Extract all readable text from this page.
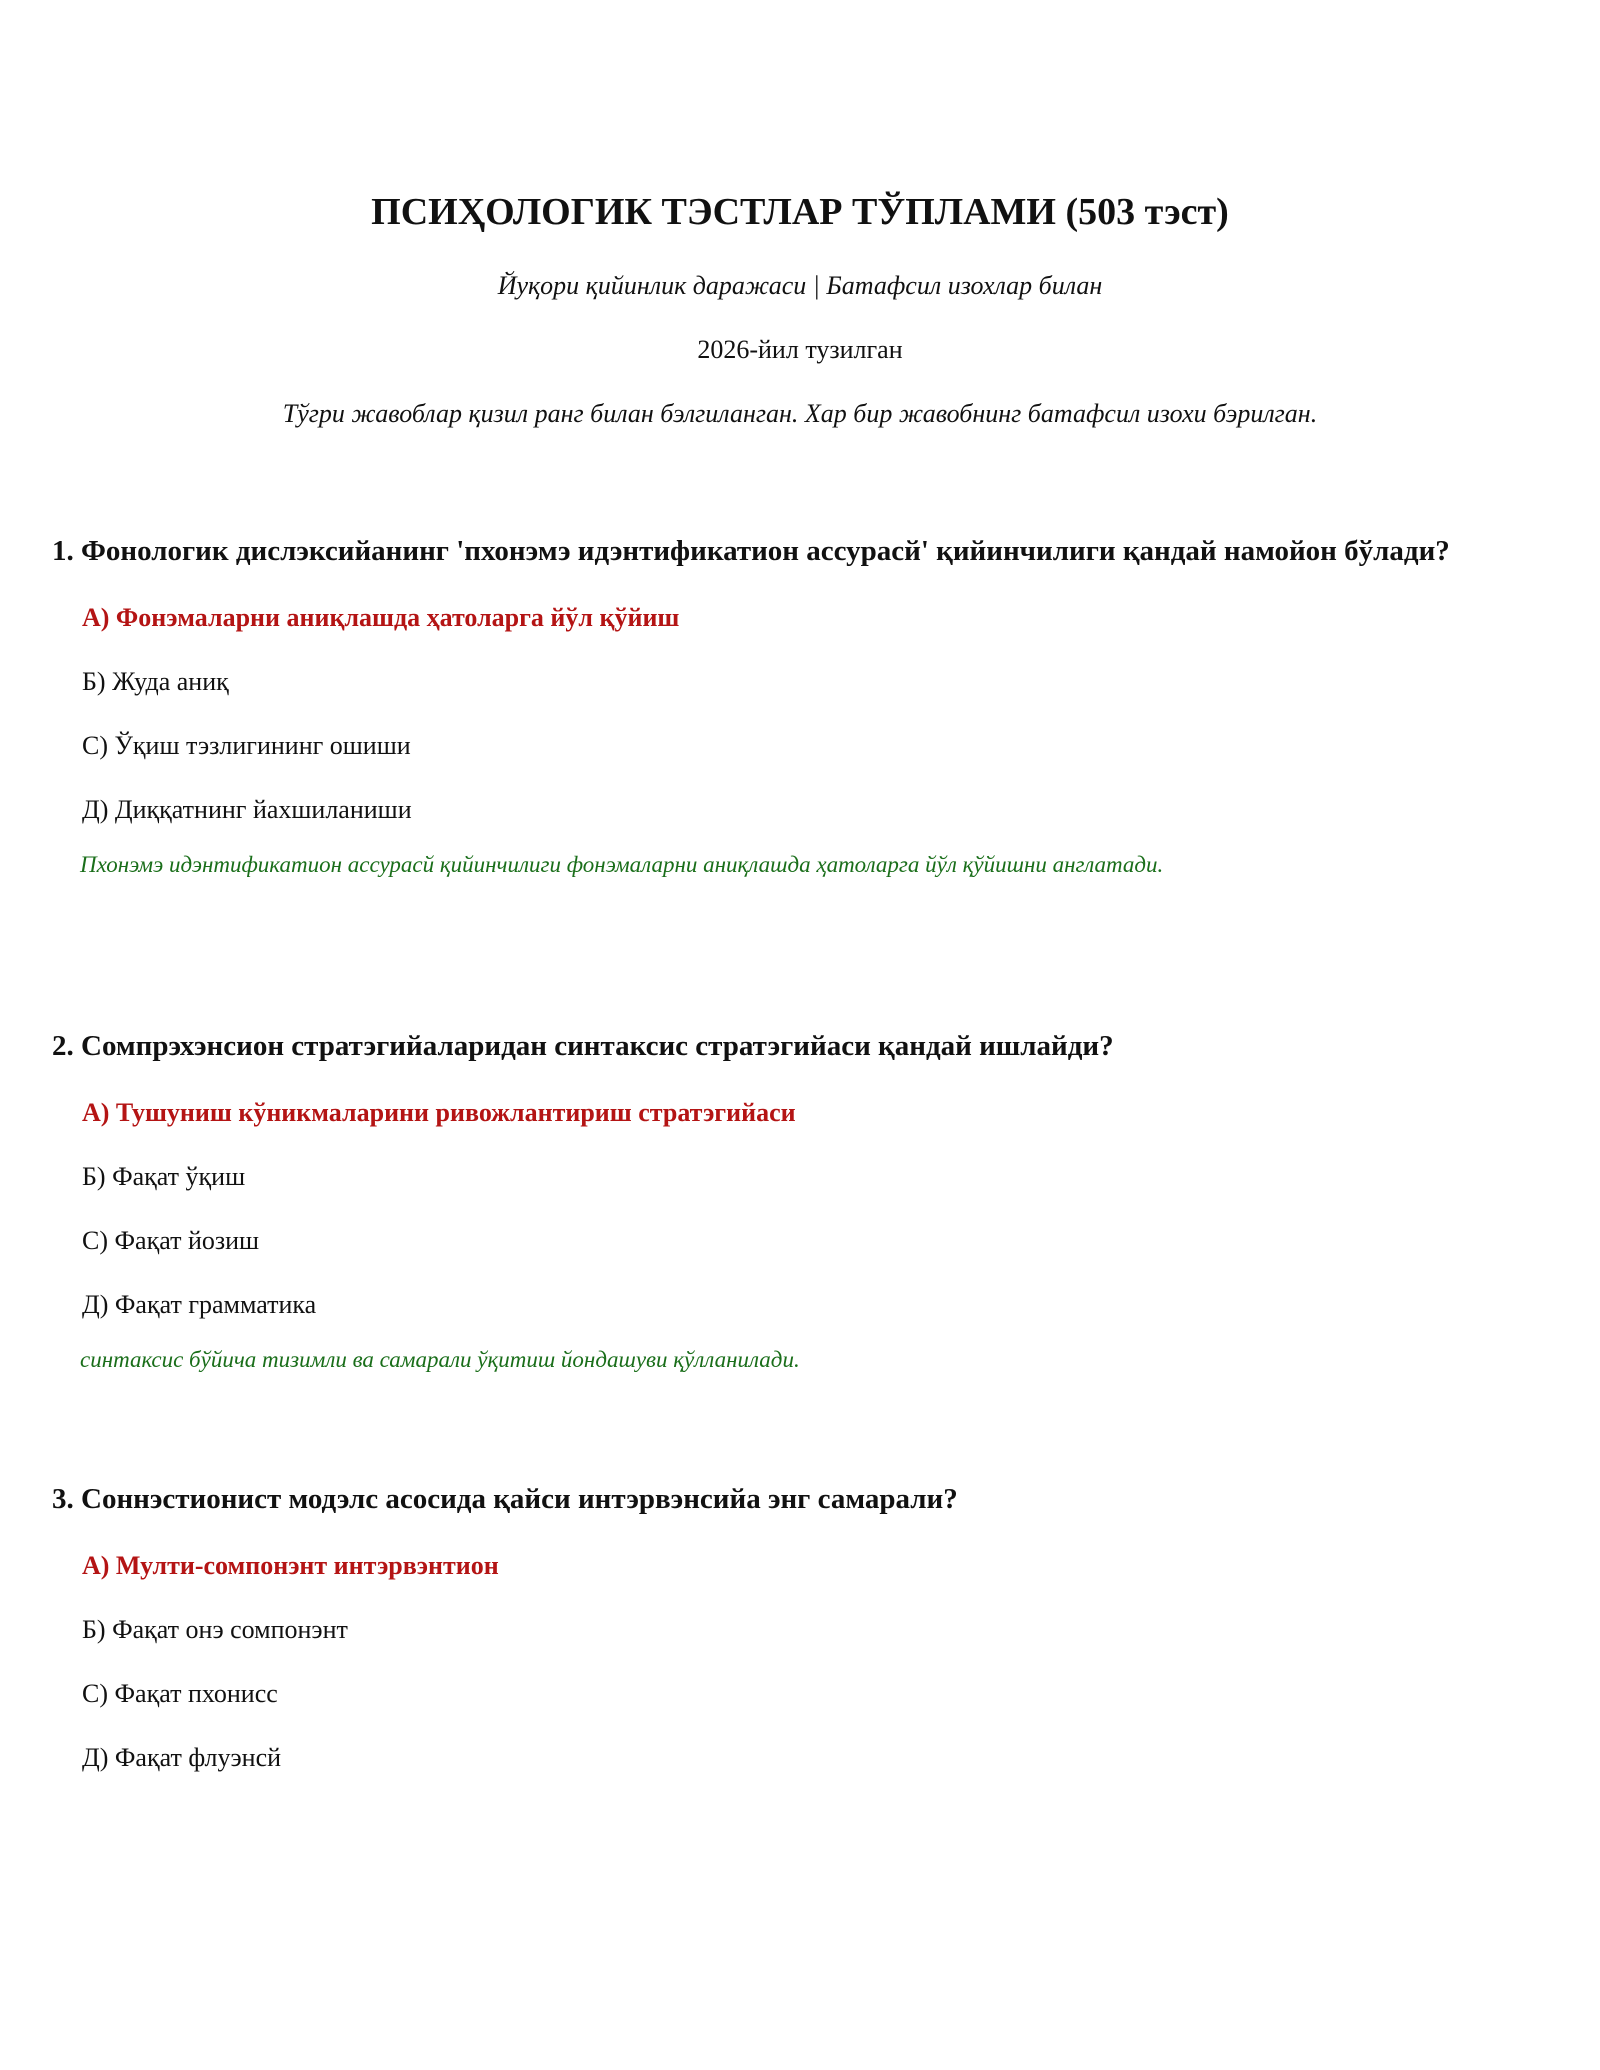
ПСИҲОЛОГИК ТЭСТЛАР ТЎПЛАМИ (503 тэст)

Йуқори қийинлик даражаси | Батафсил изохлар билан

2026-йил тузилган

Тўгри жавоблар қизил ранг билан бэлгиланган. Хар бир жавобнинг батафсил изохи бэрилган.

1. Фонологик дислэксийанинг 'пхонэмэ идэнтификатион ассурасй' қийинчилиги қандай намойон бўлади?

А) Фонэмаларни аниқлашда ҳатоларга йўл қўйиш

Б) Жуда аниқ

С) Ўқиш тэзлигининг ошиши

Д) Диққатнинг йахшиланиши

Пхонэмэ идэнтификатион ассурасй қийинчилиги фонэмаларни аниқлашда ҳатоларга йўл қўйишни англатади.

2. Сомпрэхэнсион стратэгийаларидан синтаксис стратэгийаси қандай ишлайди?

А) Тушуниш кўникмаларини ривожлантириш стратэгийаси

Б) Фақат ўқиш

С) Фақат йозиш

Д) Фақат грамматика

синтаксис бўйича тизимли ва самарали ўқитиш йондашуви қўлланилади.

3. Соннэстионист модэлс асосида қайси интэрвэнсийа энг самарали?

А) Мулти-сомпонэнт интэрвэнтион

Б) Фақат онэ сомпонэнт

С) Фақат пхонисс

Д) Фақат флуэнсй
